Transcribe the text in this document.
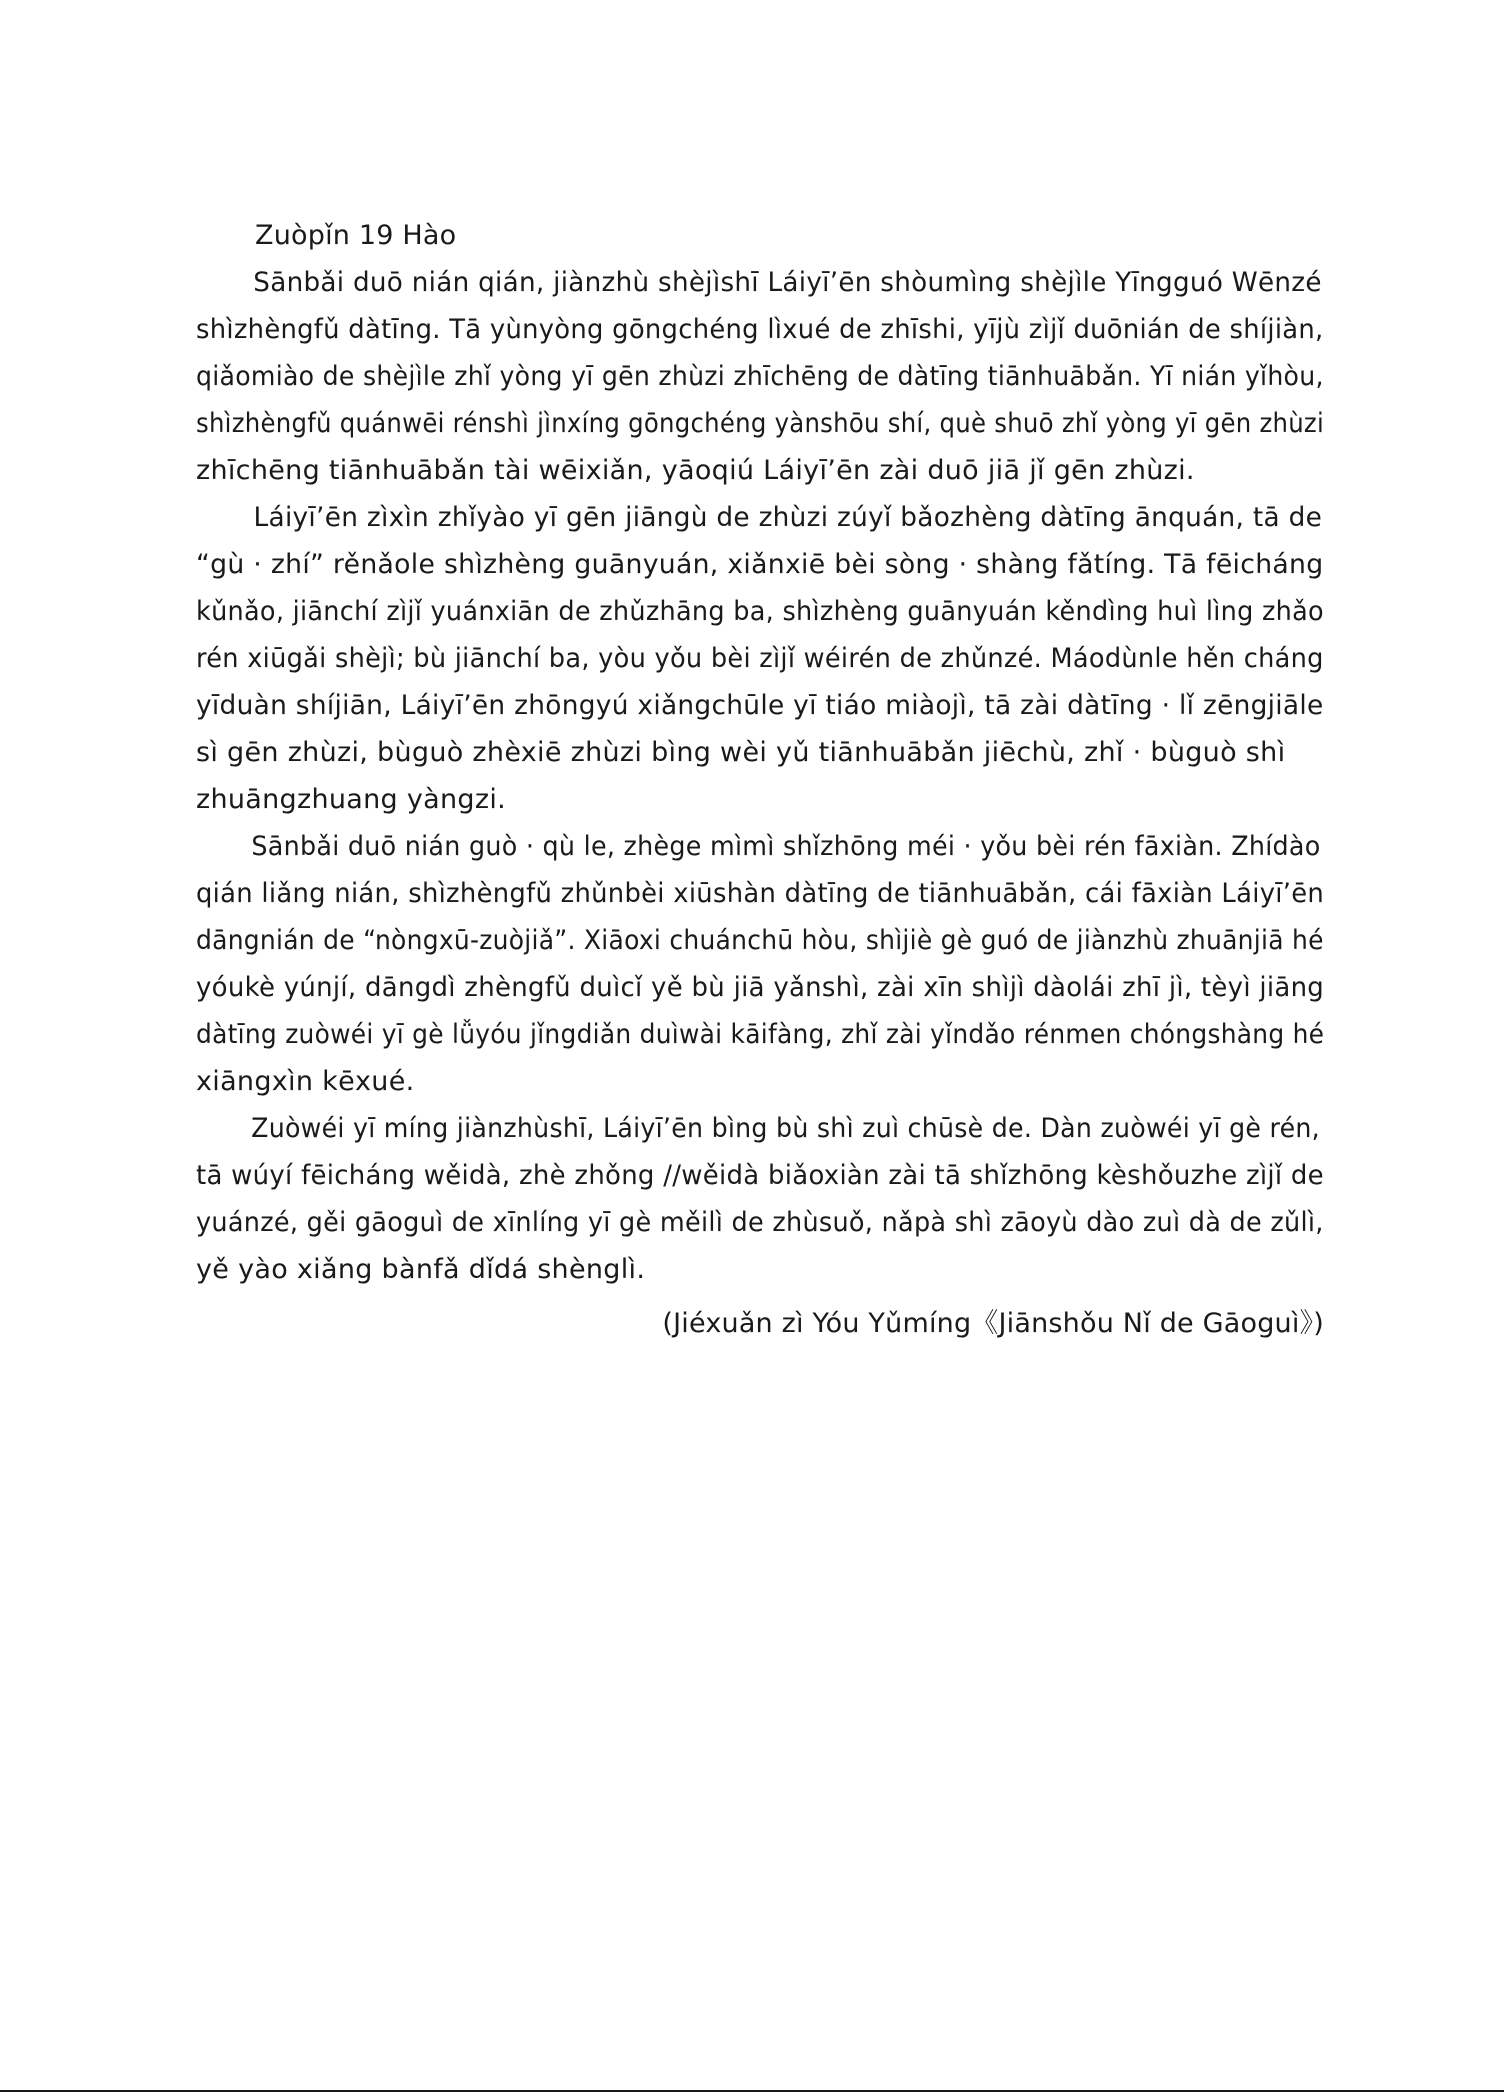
Zuòpǐn 19 Hào
Sānbǎi duō nián qián, jiànzhù shèjìshī Láiyī’ēn shòumìng shèjìle Yīngguó Wēnzé
shìzhèngfǔ dàtīng. Tā yùnyòng gōngchéng lìxué de zhīshi, yījù zìjǐ duōnián de shíjiàn,
qiǎomiào de shèjìle zhǐ yòng yī gēn zhùzi zhīchēng de dàtīng tiānhuābǎn. Yī nián yǐhòu,
shìzhèngfǔ quánwēi rénshì jìnxíng gōngchéng yànshōu shí, què shuō zhǐ yòng yī gēn zhùzi
zhīchēng tiānhuābǎn tài wēixiǎn, yāoqiú Láiyī’ēn zài duō jiā jǐ gēn zhùzi.
Láiyī’ēn zìxìn zhǐyào yī gēn jiāngù de zhùzi zúyǐ bǎozhèng dàtīng ānquán, tā de
“gù · zhí” rěnǎole shìzhèng guānyuán, xiǎnxiē bèi sòng · shàng fǎtíng. Tā fēicháng
kǔnǎo, jiānchí zìjǐ yuánxiān de zhǔzhāng ba, shìzhèng guānyuán kěndìng huì lìng zhǎo
rén xiūgǎi shèjì; bù jiānchí ba, yòu yǒu bèi zìjǐ wéirén de zhǔnzé. Máodùnle hěn cháng
yīduàn shíjiān, Láiyī’ēn zhōngyú xiǎngchūle yī tiáo miàojì, tā zài dàtīng · lǐ zēngjiāle
sì gēn zhùzi, bùguò zhèxiē zhùzi bìng wèi yǔ tiānhuābǎn jiēchù, zhǐ · bùguò shì
zhuāngzhuang yàngzi.
Sānbǎi duō nián guò · qù le, zhège mìmì shǐzhōng méi · yǒu bèi rén fāxiàn. Zhídào
qián liǎng nián, shìzhèngfǔ zhǔnbèi xiūshàn dàtīng de tiānhuābǎn, cái fāxiàn Láiyī’ēn
dāngnián de “nòngxū-zuòjiǎ”. Xiāoxi chuánchū hòu, shìjiè gè guó de jiànzhù zhuānjiā hé
yóukè yúnjí, dāngdì zhèngfǔ duìcǐ yě bù jiā yǎnshì, zài xīn shìjì dàolái zhī jì, tèyì jiāng
dàtīng zuòwéi yī gè lǚyóu jǐngdiǎn duìwài kāifàng, zhǐ zài yǐndǎo rénmen chóngshàng hé
xiāngxìn kēxué.
Zuòwéi yī míng jiànzhùshī, Láiyī’ēn bìng bù shì zuì chūsè de. Dàn zuòwéi yī gè rén,
tā wúyí fēicháng wěidà, zhè zhǒng //wěidà biǎoxiàn zài tā shǐzhōng kèshǒuzhe zìjǐ de
yuánzé, gěi gāoguì de xīnlíng yī gè měilì de zhùsuǒ, nǎpà shì zāoyù dào zuì dà de zǔlì,
yě yào xiǎng bànfǎ dǐdá shènglì.
(Jiéxuǎn zì Yóu Yǔmíng《Jiānshǒu Nǐ de Gāoguì》)
